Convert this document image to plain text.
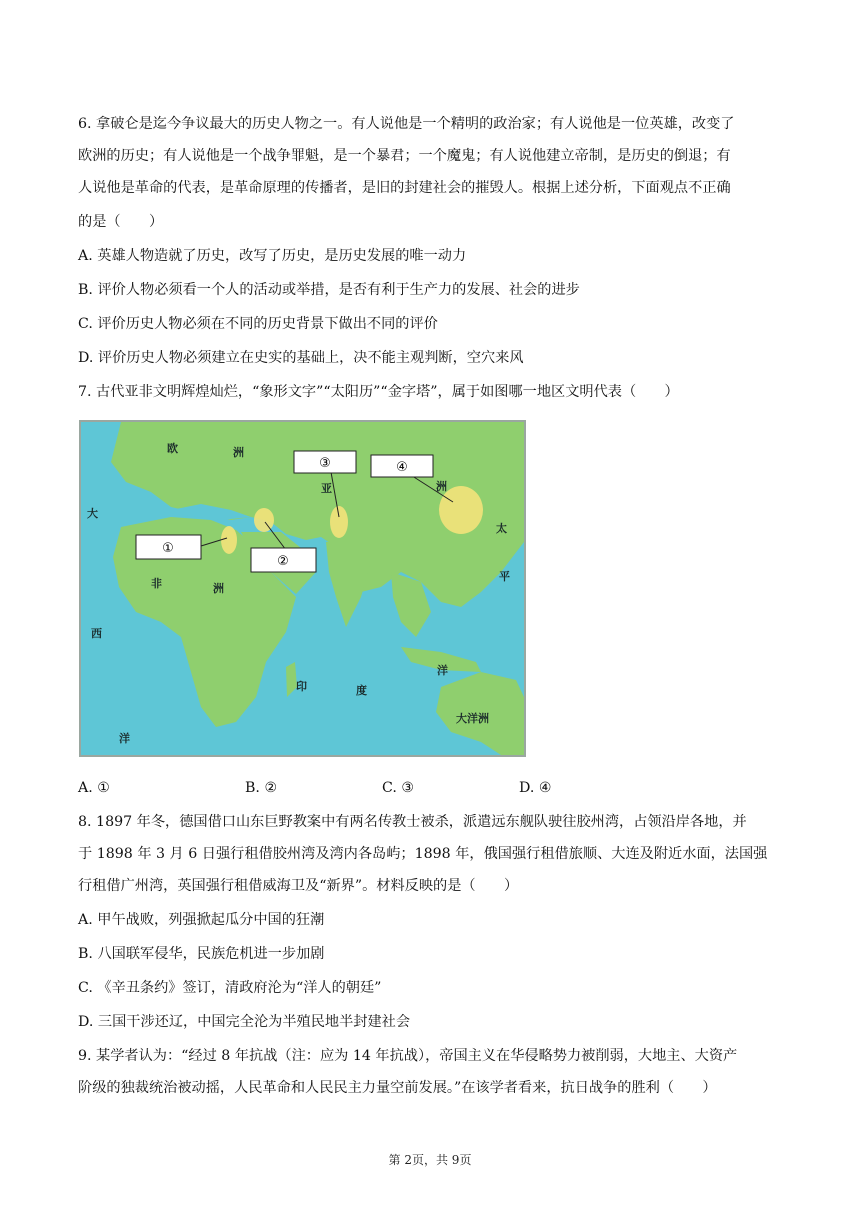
6. 拿破仑是迄今争议最大的历史人物之一。有人说他是一个精明的政治家；有人说他是一位英雄，改变了
欧洲的历史；有人说他是一个战争罪魁，是一个暴君；一个魔鬼；有人说他建立帝制，是历史的倒退；有
人说他是革命的代表，是革命原理的传播者，是旧的封建社会的摧毁人。根据上述分析，下面观点不正确
的是（　　）
A. 英雄人物造就了历史，改写了历史，是历史发展的唯一动力
B. 评价人物必须看一个人的活动或举措，是否有利于生产力的发展、社会的进步
C. 评价历史人物必须在不同的历史背景下做出不同的评价
D. 评价历史人物必须建立在史实的基础上，决不能主观判断，空穴来风
7. 古代亚非文明辉煌灿烂，“象形文字”“太阳历”“金字塔”，属于如图哪一地区文明代表（　　）
①
②
③	④
欧	洲
亚	洲
非	洲
大洋洲
印	度
大
西
太
平
洋
洋
A. ①	B. ②	C. ③	D. ④
8. 1897 年冬，德国借口山东巨野教案中有两名传教士被杀，派遣远东舰队驶往胶州湾，占领沿岸各地，并
于 1898 年 3 月 6 日强行租借胶州湾及湾内各岛屿；1898 年，俄国强行租借旅顺、大连及附近水面，法国强
行租借广州湾，英国强行租借威海卫及“新界”。材料反映的是（　　）
A. 甲午战败，列强掀起瓜分中国的狂潮
B. 八国联军侵华，民族危机进一步加剧
C. 《辛丑条约》签订，清政府沦为“洋人的朝廷”
D. 三国干涉还辽，中国完全沦为半殖民地半封建社会
9. 某学者认为：“经过 8 年抗战（注：应为 14 年抗战），帝国主义在华侵略势力被削弱，大地主、大资产
阶级的独裁统治被动摇，人民革命和人民民主力量空前发展。”在该学者看来，抗日战争的胜利（　　）
第 2页，共 9页
